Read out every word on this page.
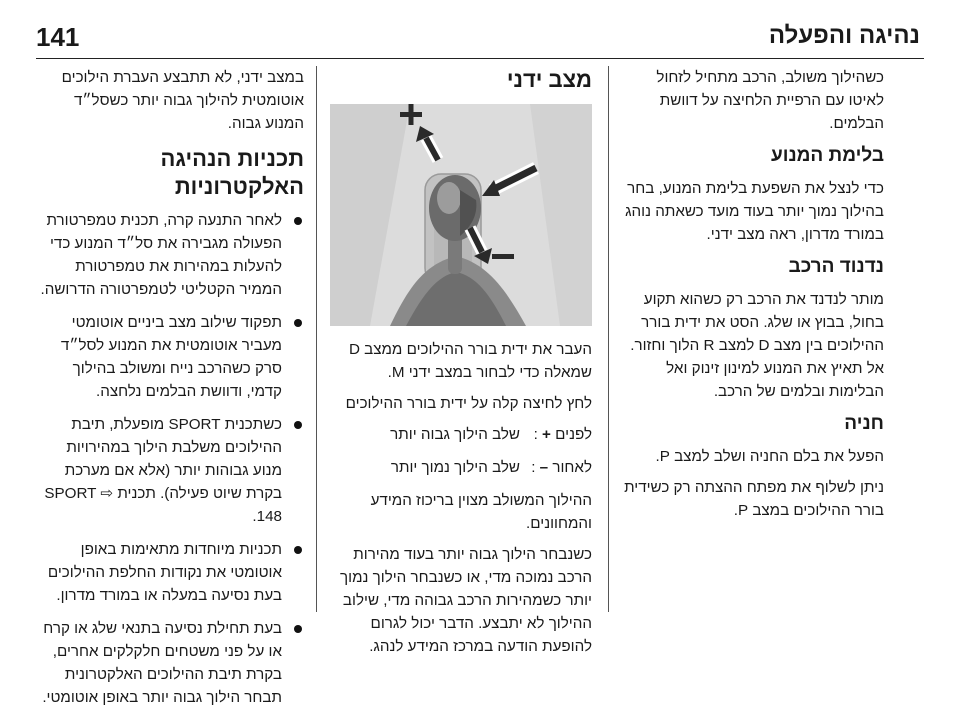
141	נהיגה והפעלה

כשהילוך משולב, הרכב מתחיל לזחול לאיטו עם הרפיית הלחיצה על דוושת הבלמים.

בלימת המנוע

כדי לנצל את השפעת בלימת המנוע, בחר בהילוך נמוך יותר בעוד מועד כשאתה נוהג במורד מדרון, ראה מצב ידני.

נדנוד הרכב

מותר לנדנד את הרכב רק כשהוא תקוע בחול, בבוץ או שלג. הסט את ידית בורר ההילוכים בין מצב D למצב R הלוך וחזור. אל תאיץ את המנוע למינון זינוק ואל הבלימות ובלמים של הרכב.

חניה

הפעל את בלם החניה ושלב למצב P.

ניתן לשלוף את מפתח ההצתה רק כשידית בורר ההילוכים במצב P.

מצב ידני

העבר את ידית בורר ההילוכים ממצב D שמאלה כדי לבחור במצב ידני M.

לחץ לחיצה קלה על ידית בורר ההילוכים

לפנים + :
שלב הילוך גבוה יותר
לאחור – :
שלב הילוך נמוך יותר

ההילוך המשולב מצוין בריכוז המידע והמחוונים.

כשנבחר הילוך גבוה יותר בעוד מהירות הרכב נמוכה מדי, או כשנבחר הילוך נמוך יותר כשמהירות הרכב גבוהה מדי, שילוב ההילוך לא יתבצע. הדבר יכול לגרום להופעת הודעה במרכז המידע לנהג.

במצב ידני, לא תתבצע העברת הילוכים אוטומטית להילוך גבוה יותר כשסל״ד המנוע גבוה.

תכניות הנהיגה האלקטרוניות
לאחר התנעה קרה, תכנית טמפרטורת הפעולה מגבירה את סל״ד המנוע כדי להעלות במהירות את טמפרטורת הממיר הקטליטי לטמפרטורה הדרושה.
תפקוד שילוב מצב ביניים אוטומטי מעביר אוטומטית את המנוע לסל״ד סרק כשהרכב נייח ומשולב בהילוך קדמי, ודוושת הבלמים נלחצה.
כשתכנית SPORT מופעלת, תיבת ההילוכים משלבת הילוך במהירויות מנוע גבוהות יותר (אלא אם מערכת בקרת שיוט פעילה). תכנית SPORT ⇨ 148.
תכניות מיוחדות מתאימות באופן אוטומטי את נקודות החלפת ההילוכים בעת נסיעה במעלה או במורד מדרון.
בעת תחילת נסיעה בתנאי שלג או קרח או על פני משטחים חלקלקים אחרים, בקרת תיבת ההילוכים האלקטרונית תבחר הילוך גבוה יותר באופן אוטומטי.
